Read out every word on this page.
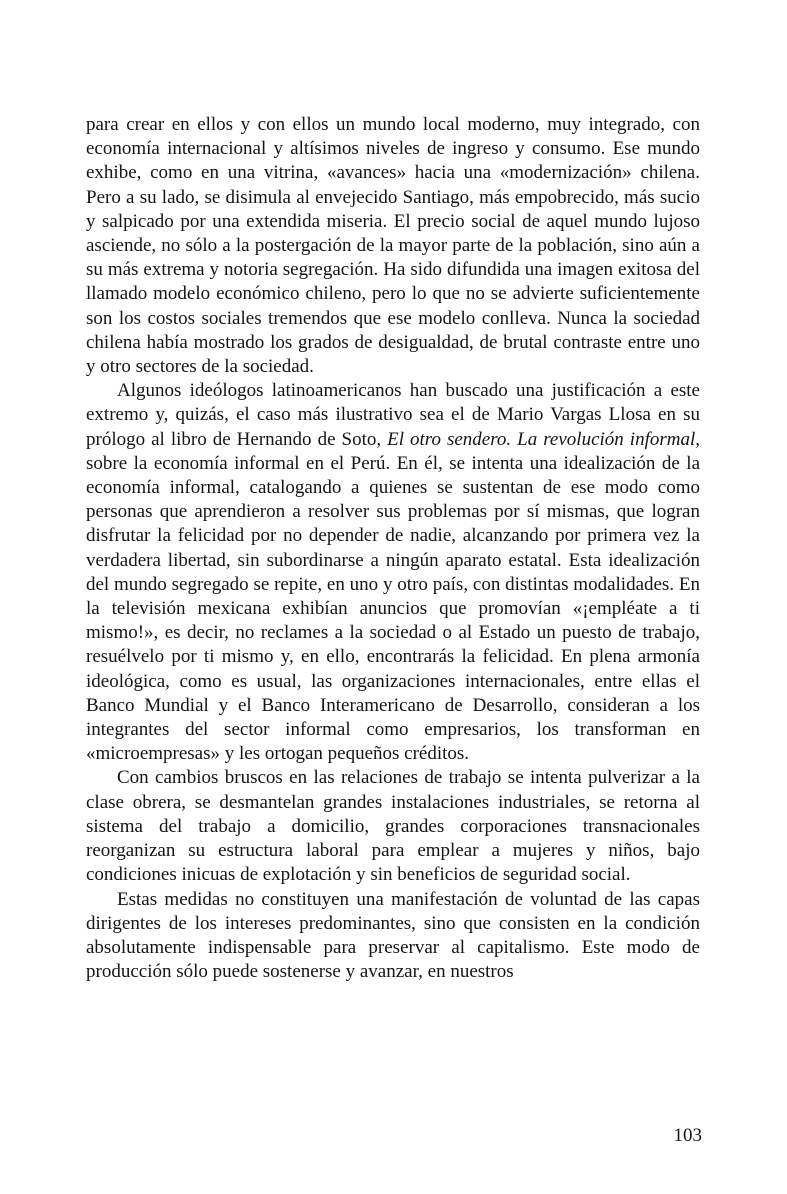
para crear en ellos y con ellos un mundo local moderno, muy integrado, con economía internacional y altísimos niveles de ingreso y consumo. Ese mundo exhibe, como en una vitrina, «avances» hacia una «modernización» chilena. Pero a su lado, se disimula al envejecido Santiago, más empobrecido, más sucio y salpicado por una extendida miseria. El precio social de aquel mundo lujoso asciende, no sólo a la postergación de la mayor parte de la población, sino aún a su más extrema y notoria segregación. Ha sido difundida una imagen exitosa del llamado modelo económico chileno, pero lo que no se advierte suficientemente son los costos sociales tremendos que ese modelo conlleva. Nunca la sociedad chilena había mostrado los grados de desigualdad, de brutal contraste entre uno y otro sectores de la sociedad.

Algunos ideólogos latinoamericanos han buscado una justificación a este extremo y, quizás, el caso más ilustrativo sea el de Mario Vargas Llosa en su prólogo al libro de Hernando de Soto, El otro sendero. La revolución informal, sobre la economía informal en el Perú. En él, se intenta una idealización de la economía informal, catalogando a quienes se sustentan de ese modo como personas que aprendieron a resolver sus problemas por sí mismas, que logran disfrutar la felicidad por no depender de nadie, alcanzando por primera vez la verdadera libertad, sin subordinarse a ningún aparato estatal. Esta idealización del mundo segregado se repite, en uno y otro país, con distintas modalidades. En la televisión mexicana exhibían anuncios que promovían «¡empléate a ti mismo!», es decir, no reclames a la sociedad o al Estado un puesto de trabajo, resuélvelo por ti mismo y, en ello, encontrarás la felicidad. En plena armonía ideológica, como es usual, las organizaciones internacionales, entre ellas el Banco Mundial y el Banco Interamericano de Desarrollo, consideran a los integrantes del sector informal como empresarios, los transforman en «microempresas» y les ortogan pequeños créditos.

Con cambios bruscos en las relaciones de trabajo se intenta pulverizar a la clase obrera, se desmantelan grandes instalaciones industriales, se retorna al sistema del trabajo a domicilio, grandes corporaciones transnacionales reorganizan su estructura laboral para emplear a mujeres y niños, bajo condiciones inicuas de explotación y sin beneficios de seguridad social.

Estas medidas no constituyen una manifestación de voluntad de las capas dirigentes de los intereses predominantes, sino que consisten en la condición absolutamente indispensable para preservar al capitalismo. Este modo de producción sólo puede sostenerse y avanzar, en nuestros

103
